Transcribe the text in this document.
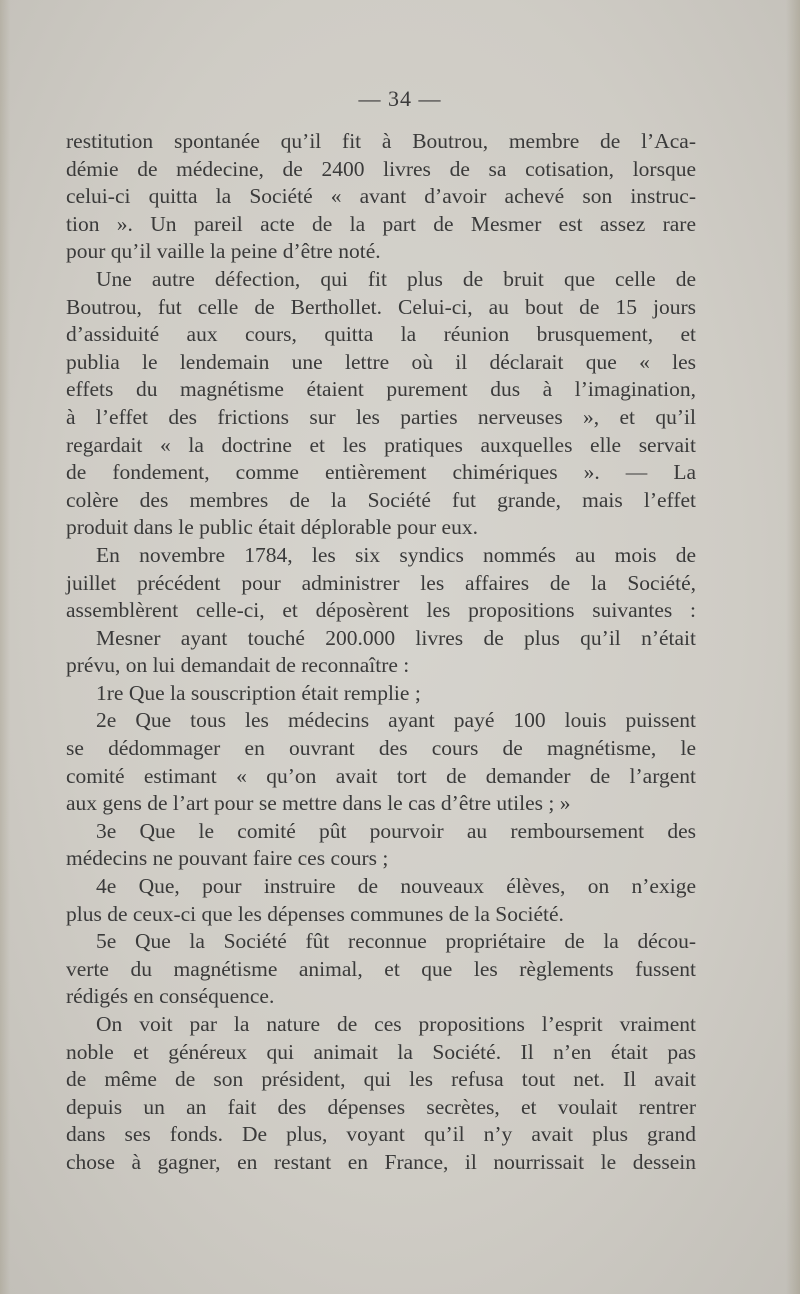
— 34 —
restitution spontanée qu’il fit à Boutrou, membre de l’Aca-
démie de médecine, de 2400 livres de sa cotisation, lorsque
celui-ci quitta la Société « avant d’avoir achevé son instruc-
tion ». Un pareil acte de la part de Mesmer est assez rare
pour qu’il vaille la peine d’être noté.
Une autre défection, qui fit plus de bruit que celle de
Boutrou, fut celle de Berthollet. Celui-ci, au bout de 15 jours
d’assiduité aux cours, quitta la réunion brusquement, et
publia le lendemain une lettre où il déclarait que « les
effets du magnétisme étaient purement dus à l’imagination,
à l’effet des frictions sur les parties nerveuses », et qu’il
regardait « la doctrine et les pratiques auxquelles elle servait
de fondement, comme entièrement chimériques ». — La
colère des membres de la Société fut grande, mais l’effet
produit dans le public était déplorable pour eux.
En novembre 1784, les six syndics nommés au mois de
juillet précédent pour administrer les affaires de la Société,
assemblèrent celle-ci, et déposèrent les propositions suivantes :
Mesner ayant touché 200.000 livres de plus qu’il n’était
prévu, on lui demandait de reconnaître :
1re Que la souscription était remplie ;
2e Que tous les médecins ayant payé 100 louis puissent
se dédommager en ouvrant des cours de magnétisme, le
comité estimant « qu’on avait tort de demander de l’argent
aux gens de l’art pour se mettre dans le cas d’être utiles ; »
3e Que le comité pût pourvoir au remboursement des
médecins ne pouvant faire ces cours ;
4e Que, pour instruire de nouveaux élèves, on n’exige
plus de ceux-ci que les dépenses communes de la Société.
5e Que la Société fût reconnue propriétaire de la décou-
verte du magnétisme animal, et que les règlements fussent
rédigés en conséquence.
On voit par la nature de ces propositions l’esprit vraiment
noble et généreux qui animait la Société. Il n’en était pas
de même de son président, qui les refusa tout net. Il avait
depuis un an fait des dépenses secrètes, et voulait rentrer
dans ses fonds. De plus, voyant qu’il n’y avait plus grand
chose à gagner, en restant en France, il nourrissait le dessein
